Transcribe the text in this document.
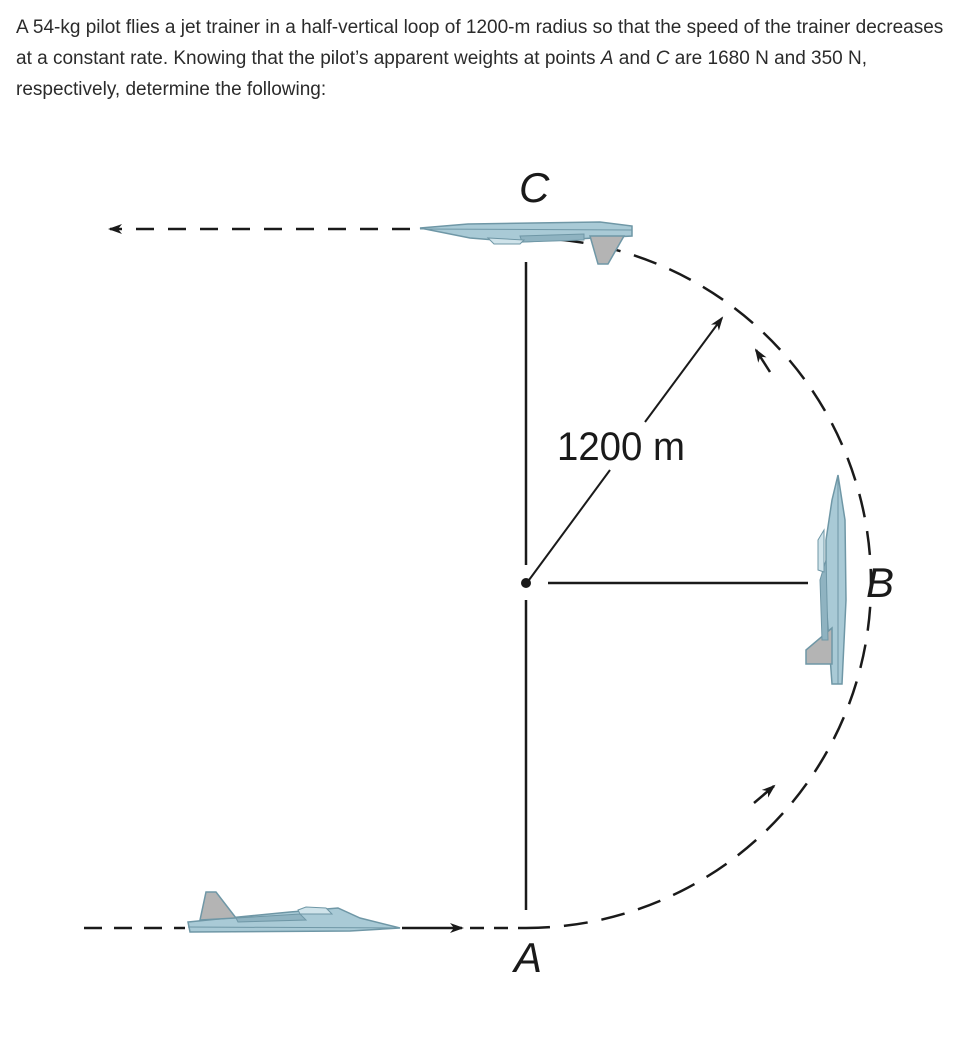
A 54-kg pilot flies a jet trainer in a half-vertical loop of 1200-m radius so that the speed of the trainer decreases at a constant rate. Knowing that the pilot’s apparent weights at points A and C are 1680 N and 350 N, respectively, determine the following:

1200 m
C
B
A
